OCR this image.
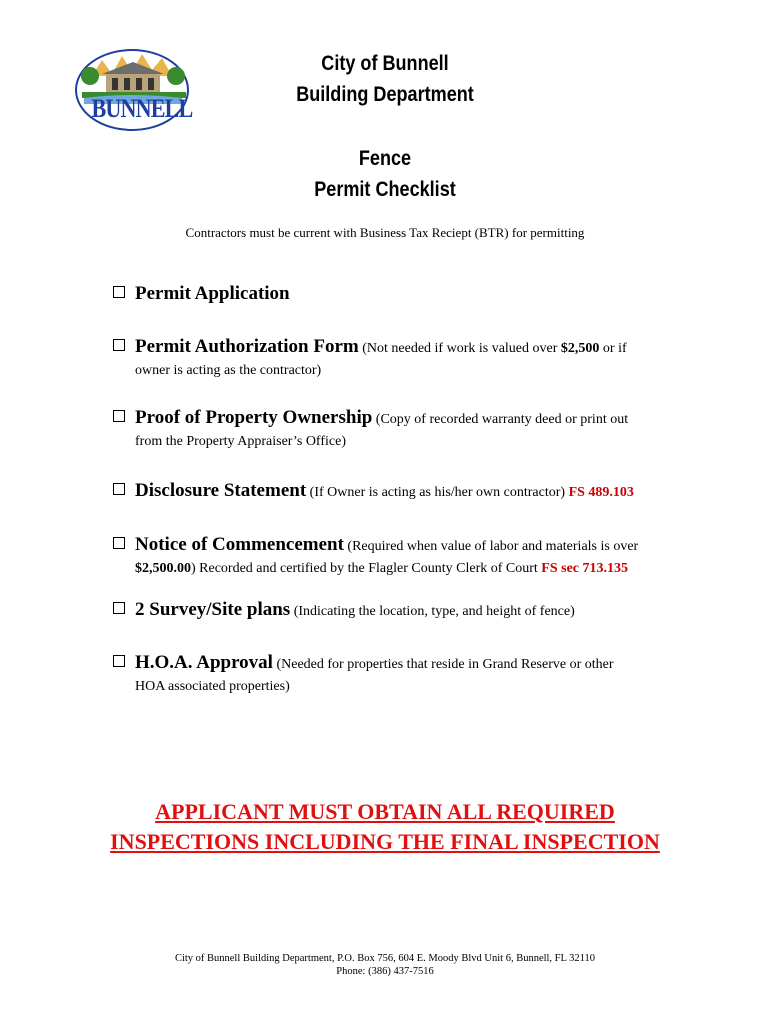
BUNNELL
City of Bunnell
Building Department
Fence
Permit Checklist
Contractors must be current with Business Tax Reciept (BTR) for permitting
Permit Application
Permit Authorization Form (Not needed if work is valued over $2,500 or if
owner is acting as the contractor)
Proof of Property Ownership (Copy of recorded warranty deed or print out
from the Property Appraiser’s Office)
Disclosure Statement (If Owner is acting as his/her own contractor) FS 489.103
Notice of Commencement (Required when value of labor and materials is over
$2,500.00) Recorded and certified by the Flagler County Clerk of Court FS sec 713.135
2 Survey/Site plans (Indicating the location, type, and height of fence)
H.O.A. Approval (Needed for properties that reside in Grand Reserve or other
HOA associated properties)
APPLICANT MUST OBTAIN ALL REQUIRED
INSPECTIONS INCLUDING THE FINAL INSPECTION
City of Bunnell Building Department, P.O. Box 756, 604 E. Moody Blvd Unit 6, Bunnell, FL 32110
Phone: (386) 437-7516
